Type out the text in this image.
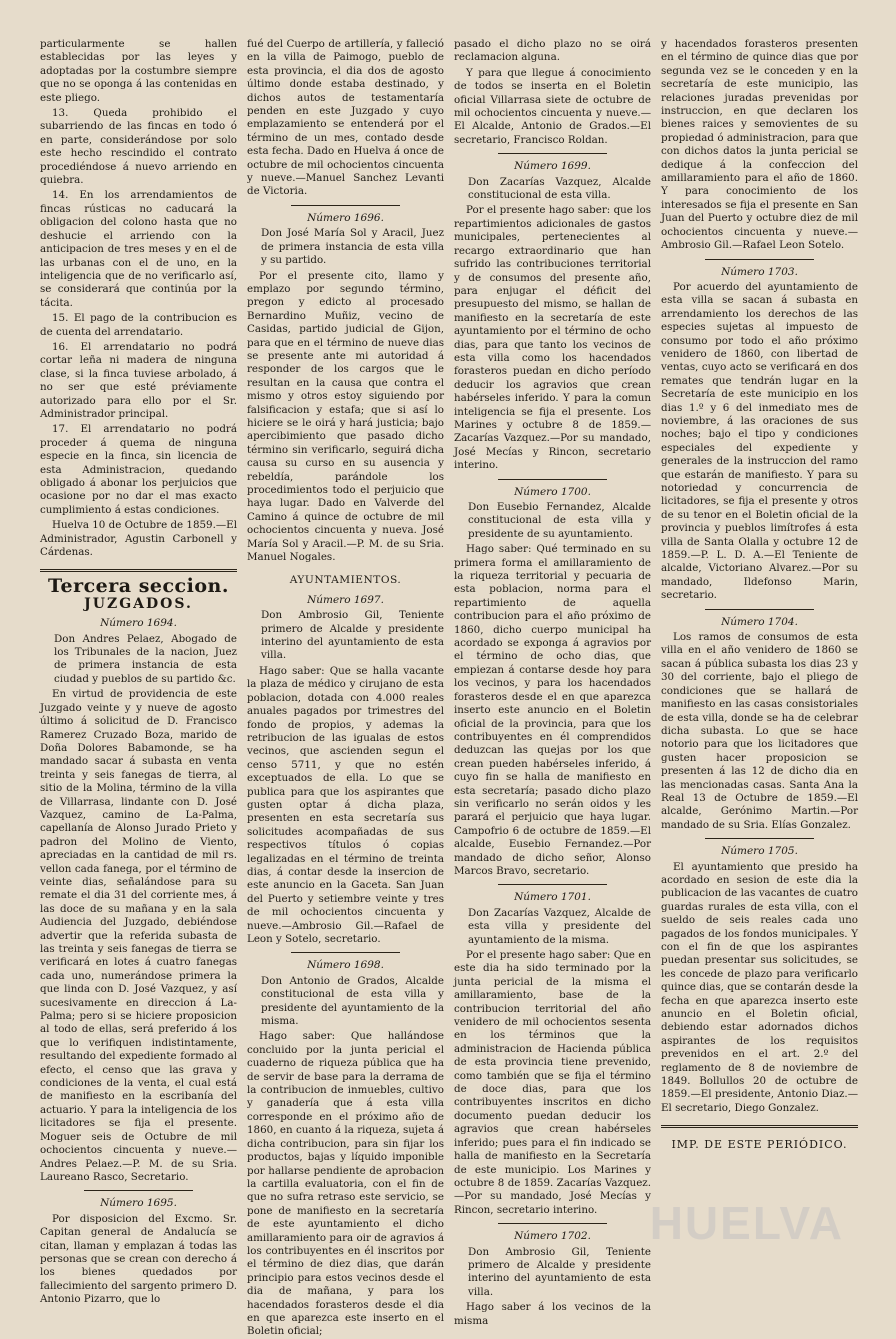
particularmente se hallen establecidas por las leyes y adoptadas por la costumbre siempre que no se oponga á las contenidas en este pliego.

13. Queda prohibido el subarriendo de las fincas en todo ó en parte, considerándose por solo este hecho rescindido el contrato procediéndose á nuevo arriendo en quiebra.

14. En los arrendamientos de fincas rústicas no caducará la obligacion del colono hasta que no deshucie el arriendo con la anticipacion de tres meses y en el de las urbanas con el de uno, en la inteligencia que de no verificarlo así, se considerará que continúa por la tácita.

15. El pago de la contribucion es de cuenta del arrendatario.

16. El arrendatario no podrá cortar leña ni madera de ninguna clase, si la finca tuviese arbolado, á no ser que esté préviamente autorizado para ello por el Sr. Administrador principal.

17. El arrendatario no podrá proceder á quema de ninguna especie en la finca, sin licencia de esta Administracion, quedando obligado á abonar los perjuicios que ocasione por no dar el mas exacto cumplimiento á estas condiciones.

Huelva 10 de Octubre de 1859.—El Administrador, Agustin Carbonell y Cárdenas.

Tercera seccion.
JUZGADOS.
Número 1694.

Don Andres Pelaez, Abogado de los Tribunales de la nacion, Juez de primera instancia de esta ciudad y pueblos de su partido &c.

En virtud de providencia de este Juzgado veinte y y nueve de agosto último á solicitud de D. Francisco Ramerez Cruzado Boza, marido de Doña Dolores Babamonde, se ha mandado sacar á subasta en venta treinta y seis fanegas de tierra, al sitio de la Molina, término de la villa de Villarrasa, lindante con D. José Vazquez, camino de La-Palma, capellanía de Alonso Jurado Prieto y padron del Molino de Viento, apreciadas en la cantidad de mil rs. vellon cada fanega, por el término de veinte dias, señalándose para su remate el dia 31 del corriente mes, á las doce de su mañana y en la sala Audiencia del Juzgado, debiéndose advertir que la referida subasta de las treinta y seis fanegas de tierra se verificará en lotes á cuatro fanegas cada uno, numerándose primera la que linda con D. José Vazquez, y así sucesivamente en direccion á La-Palma; pero si se hiciere proposicion al todo de ellas, será preferido á los que lo verifiquen indistintamente, resultando del expediente formado al efecto, el censo que las grava y condiciones de la venta, el cual está de manifiesto en la escribanía del actuario. Y para la inteligencia de los licitadores se fija el presente. Moguer seis de Octubre de mil ochocientos cincuenta y nueve.—Andres Pelaez.—P. M. de su Sria. Laureano Rasco, Secretario.

Número 1695.

Por disposicion del Excmo. Sr. Capitan general de Andalucía se citan, llaman y emplazan á todas las personas que se crean con derecho á los bienes quedados por fallecimiento del sargento primero D. Antonio Pizarro, que lo

fué del Cuerpo de artillería, y falleció en la villa de Paimogo, pueblo de esta provincia, el dia dos de agosto último donde estaba destinado, y dichos autos de testamentaría penden en este Juzgado y cuyo emplazamiento se entenderá por el término de un mes, contado desde esta fecha. Dado en Huelva á once de octubre de mil ochocientos cincuenta y nueve.—Manuel Sanchez Levanti de Victoria.

Número 1696.

Don José María Sol y Aracil, Juez de primera instancia de esta villa y su partido.

Por el presente cito, llamo y emplazo por segundo término, pregon y edicto al procesado Bernardino Muñiz, vecino de Casidas, partido judicial de Gijon, para que en el término de nueve dias se presente ante mi autoridad á responder de los cargos que le resultan en la causa que contra el mismo y otros estoy siguiendo por falsificacion y estafa; que si así lo hiciere se le oirá y hará justicia; bajo apercibimiento que pasado dicho término sin verificarlo, seguirá dicha causa su curso en su ausencia y rebeldía, parándole los procedimientos todo el perjuicio que haya lugar. Dado en Valverde del Camino á quince de octubre de mil ochocientos cincuenta y nueva. José María Sol y Aracil.—P. M. de su Sria. Manuel Nogales.

AYUNTAMIENTOS.
Número 1697.

Don Ambrosio Gil, Teniente primero de Alcalde y presidente interino del ayuntamiento de esta villa.

Hago saber: Que se halla vacante la plaza de médico y cirujano de esta poblacion, dotada con 4.000 reales anuales pagados por trimestres del fondo de propios, y ademas la retribucion de las igualas de estos vecinos, que ascienden segun el censo 5711, y que no estén exceptuados de ella. Lo que se publica para que los aspirantes que gusten optar á dicha plaza, presenten en esta secretaría sus solicitudes acompañadas de sus respectivos títulos ó copias legalizadas en el término de treinta dias, á contar desde la insercion de este anuncio en la Gaceta. San Juan del Puerto y setiembre veinte y tres de mil ochocientos cincuenta y nueve.—Ambrosio Gil.—Rafael de Leon y Sotelo, secretario.

Número 1698.

Don Antonio de Grados, Alcalde constitucional de esta villa y presidente del ayuntamiento de la misma.

Hago saber: Que hallándose concluido por la junta pericial el cuaderno de riqueza pública que ha de servir de base para la derrama de la contribucion de inmuebles, cultivo y ganadería que á esta villa corresponde en el próximo año de 1860, en cuanto á la riqueza, sujeta á dicha contribucion, para sin fijar los productos, bajas y líquido imponible por hallarse pendiente de aprobacion la cartilla evaluatoria, con el fin de que no sufra retraso este servicio, se pone de manifiesto en la secretaría de este ayuntamiento el dicho amillaramiento para oir de agravios á los contribuyentes en él inscritos por el término de diez dias, que darán principio para estos vecinos desde el dia de mañana, y para los hacendados forasteros desde el dia en que aparezca este inserto en el Boletin oficial;

pasado el dicho plazo no se oirá reclamacion alguna.

Y para que llegue á conocimiento de todos se inserta en el Boletin oficial Villarrasa siete de octubre de mil ochocientos cincuenta y nueve.—El Alcalde, Antonio de Grados.—El secretario, Francisco Roldan.

Número 1699.

Don Zacarías Vazquez, Alcalde constitucional de esta villa.

Por el presente hago saber: que los repartimientos adicionales de gastos municipales, pertenecientes al recargo extraordinario que han sufrido las contribuciones territorial y de consumos del presente año, para enjugar el déficit del presupuesto del mismo, se hallan de manifiesto en la secretaría de este ayuntamiento por el término de ocho dias, para que tanto los vecinos de esta villa como los hacendados forasteros puedan en dicho período deducir los agravios que crean habérseles inferido. Y para la comun inteligencia se fija el presente. Los Marines y octubre 8 de 1859.—Zacarías Vazquez.—Por su mandado, José Mecías y Rincon, secretario interino.

Número 1700.

Don Eusebio Fernandez, Alcalde constitucional de esta villa y presidente de su ayuntamiento.

Hago saber: Qué terminado en su primera forma el amillaramiento de la riqueza territorial y pecuaria de esta poblacion, norma para el repartimiento de aquella contribucion para el año próximo de 1860, dicho cuerpo municipal ha acordado se exponga á agravios por el término de ocho dias, que empiezan á contarse desde hoy para los vecinos, y para los hacendados forasteros desde el en que aparezca inserto este anuncio en el Boletin oficial de la provincia, para que los contribuyentes en él comprendidos deduzcan las quejas por los que crean pueden habérseles inferido, á cuyo fin se halla de manifiesto en esta secretaría; pasado dicho plazo sin verificarlo no serán oidos y les parará el perjuicio que haya lugar. Campofrio 6 de octubre de 1859.—El alcalde, Eusebio Fernandez.—Por mandado de dicho señor, Alonso Marcos Bravo, secretario.

Número 1701.

Don Zacarías Vazquez, Alcalde de esta villa y presidente del ayuntamiento de la misma.

Por el presente hago saber: Que en este dia ha sido terminado por la junta pericial de la misma el amillaramiento, base de la contribucion territorial del año venidero de mil ochocientos sesenta en los términos que la administracion de Hacienda pública de esta provincia tiene prevenido, como también que se fija el término de doce dias, para que los contribuyentes inscritos en dicho documento puedan deducir los agravios que crean habérseles inferido; pues para el fin indicado se halla de manifiesto en la Secretaría de este municipio. Los Marines y octubre 8 de 1859. Zacarías Vazquez.—Por su mandado, José Mecías y Rincon, secretario interino.

Número 1702.

Don Ambrosio Gil, Teniente primero de Alcalde y presidente interino del ayuntamiento de esta villa.

Hago saber á los vecinos de la misma

y hacendados forasteros presenten en el término de quince dias que por segunda vez se le conceden y en la secretaría de este municipio, las relaciones juradas prevenidas por instruccion, en que declaren los bienes raices y semovientes de su propiedad ó administracion, para que con dichos datos la junta pericial se dedique á la confeccion del amillaramiento para el año de 1860. Y para conocimiento de los interesados se fija el presente en San Juan del Puerto y octubre diez de mil ochocientos cincuenta y nueve.—Ambrosio Gil.—Rafael Leon Sotelo.

Número 1703.

Por acuerdo del ayuntamiento de esta villa se sacan á subasta en arrendamiento los derechos de las especies sujetas al impuesto de consumo por todo el año próximo venidero de 1860, con libertad de ventas, cuyo acto se verificará en dos remates que tendrán lugar en la Secretaría de este municipio en los dias 1.º y 6 del inmediato mes de noviembre, á las oraciones de sus noches; bajo el tipo y condiciones especiales del expediente y generales de la instruccion del ramo que estarán de manifiesto. Y para su notoriedad y concurrencia de licitadores, se fija el presente y otros de su tenor en el Boletin oficial de la provincia y pueblos limítrofes á esta villa de Santa Olalla y octubre 12 de 1859.—P. L. D. A.—El Teniente de alcalde, Victoriano Alvarez.—Por su mandado, Ildefonso Marin, secretario.

Número 1704.

Los ramos de consumos de esta villa en el año venidero de 1860 se sacan á pública subasta los dias 23 y 30 del corriente, bajo el pliego de condiciones que se hallará de manifiesto en las casas consistoriales de esta villa, donde se ha de celebrar dicha subasta. Lo que se hace notorio para que los licitadores que gusten hacer proposicion se presenten á las 12 de dicho dia en las mencionadas casas. Santa Ana la Real 13 de Octubre de 1859.—El alcalde, Gerónimo Martin.—Por mandado de su Sria. Elías Gonzalez.

Número 1705.

El ayuntamiento que presido ha acordado en sesion de este dia la publicacion de las vacantes de cuatro guardas rurales de esta villa, con el sueldo de seis reales cada uno pagados de los fondos municipales. Y con el fin de que los aspirantes puedan presentar sus solicitudes, se les concede de plazo para verificarlo quince dias, que se contarán desde la fecha en que aparezca inserto este anuncio en el Boletin oficial, debiendo estar adornados dichos aspirantes de los requisitos prevenidos en el art. 2.º del reglamento de 8 de noviembre de 1849. Bollullos 20 de octubre de 1859.—El presidente, Antonio Diaz.—El secretario, Diego Gonzalez.

IMP. DE ESTE PERIÓDICO.
HUELVA
